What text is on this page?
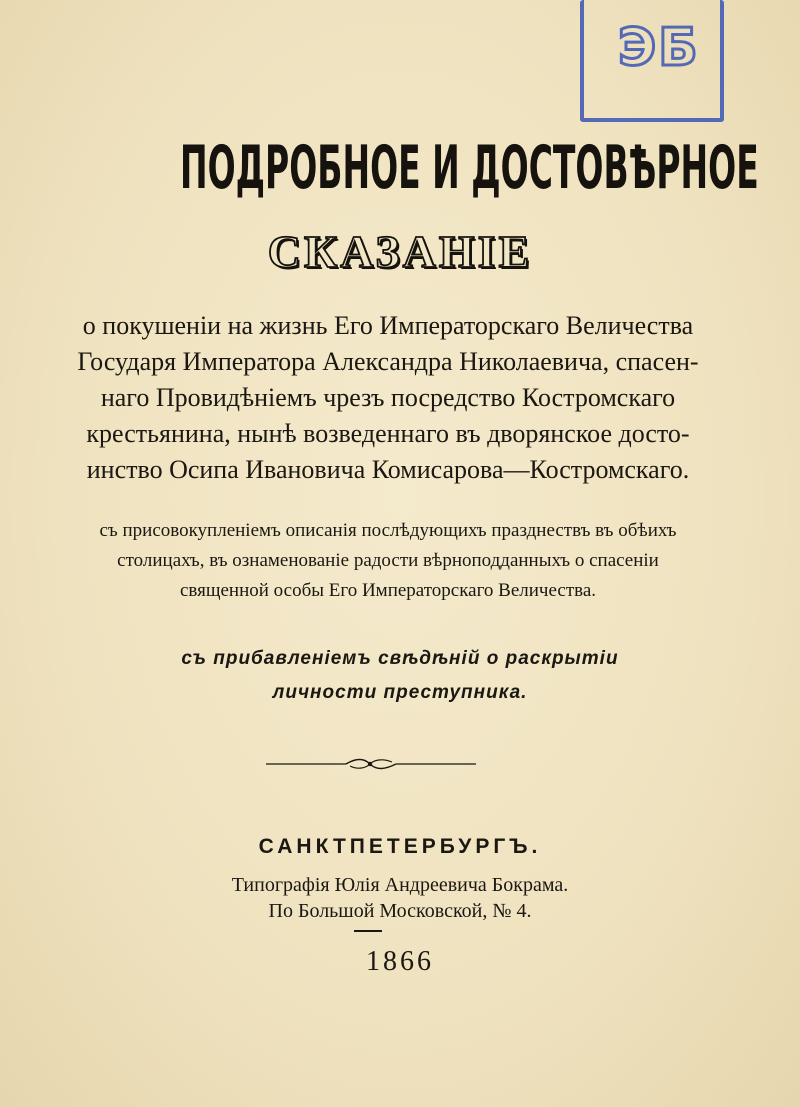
ЭБ
ПОДРОБНОЕ И ДОСТОВѢРНОЕ
СКАЗАНІЕ
о покушеніи на жизнь Его Императорскаго Величества
Государя Императора Александра Николаевича, спасен-
наго Провидѣніемъ чрезъ посредство Костромскаго
крестьянина, нынѣ возведеннаго въ дворянское досто-
инство Осипа Ивановича Комисарова—Костромскаго.
съ присовокупленіемъ описанія послѣдующихъ празднествъ въ обѣихъ
столицахъ, въ ознаменованіе радости вѣрноподданныхъ о спасеніи
священной особы Его Императорскаго Величества.
съ прибавленіемъ свѣдѣній о раскрытіи
личности преступника.
САНКТПЕТЕРБУРГЪ.
Типографія Юлія Андреевича Бокрама.
По Большой Московской, № 4.
1866
